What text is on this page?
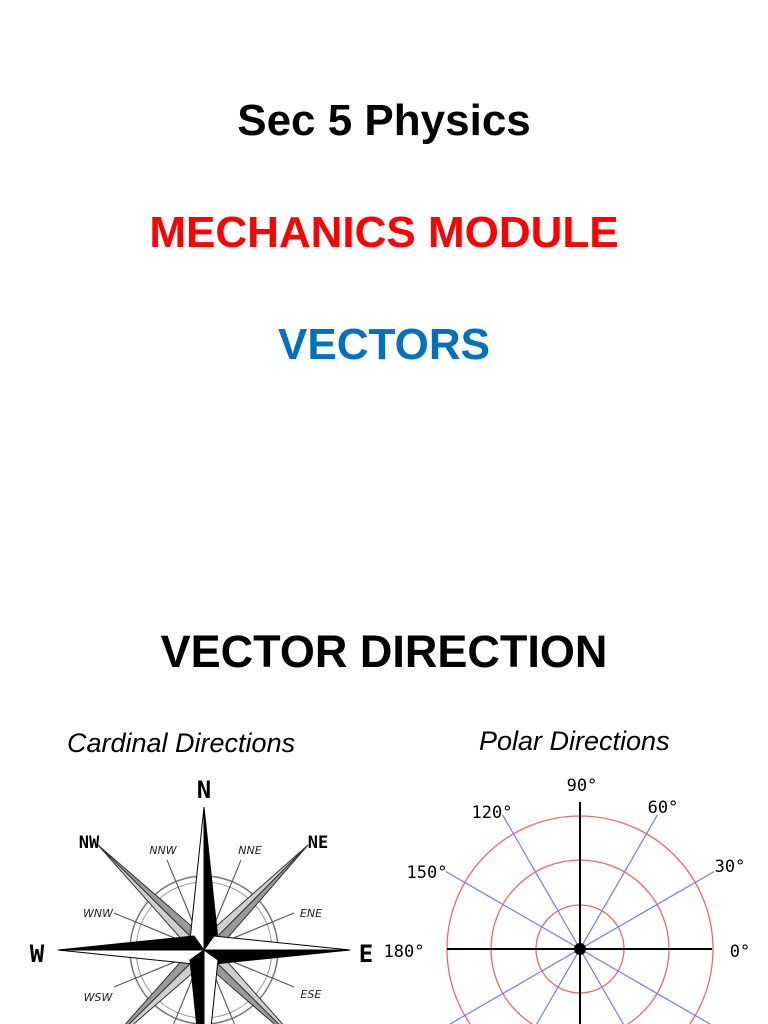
Sec 5 Physics

MECHANICS MODULE

VECTORS

VECTOR DIRECTION

Cardinal Directions	Polar Directions

N
E
W
NE
NW	NNW	NNE
WNW	ENE
WSW	ESE
0°
30°
60°
90°
120°
150°
180°
